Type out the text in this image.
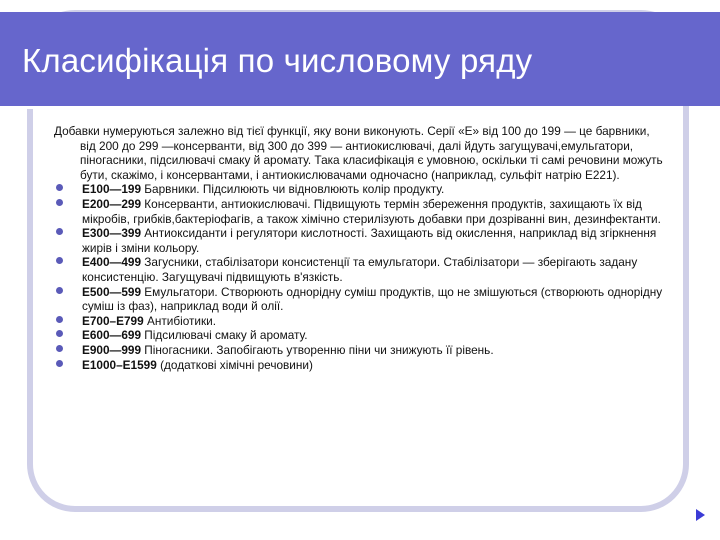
Класифікація по числовому ряду

Добавки нумеруються залежно від тієї функції, яку вони виконують. Серії «E» від 100 до 199 — це барвники, від 200 до 299 —консерванти, від 300 до 399 — антиокислювачі, далі йдуть загущувачі,емульгатори, піногасники, підсилювачі смаку й аромату. Така класифікація є умовною, оскільки ті самі речовини можуть бути, скажімо, і консервантами, і антиокислювачами одночасно (наприклад, сульфіт натрію E221).

E100—199 Барвники. Підсилюють чи відновлюють колір продукту.
E200—299 Консерванти, антиокислювачі. Підвищують термін збереження продуктів, захищають їх від мікробів, грибків,бактеріофагів, а також хімічно стерилізують добавки при дозріванні вин, дезинфектанти.
E300—399 Антиоксиданти і регулятори кислотності. Захищають від окислення, наприклад від згіркнення жирів і зміни кольору.
E400—499 Загусники, стабілізатори консистенції та емульгатори. Стабілізатори — зберігають задану консистенцію. Загущувачі підвищують в'язкість.
E500—599 Емульгатори. Створюють однорідну суміш продуктів, що не змішуються (створюють однорідну суміш із фаз), наприклад води й олії.
E700–E799 Антибіотики.
E600—699 Підсилювачі смаку й аромату.
E900—999 Піногасники. Запобігають утворенню піни чи знижують її рівень.
E1000–E1599 (додаткові хімічні речовини)
